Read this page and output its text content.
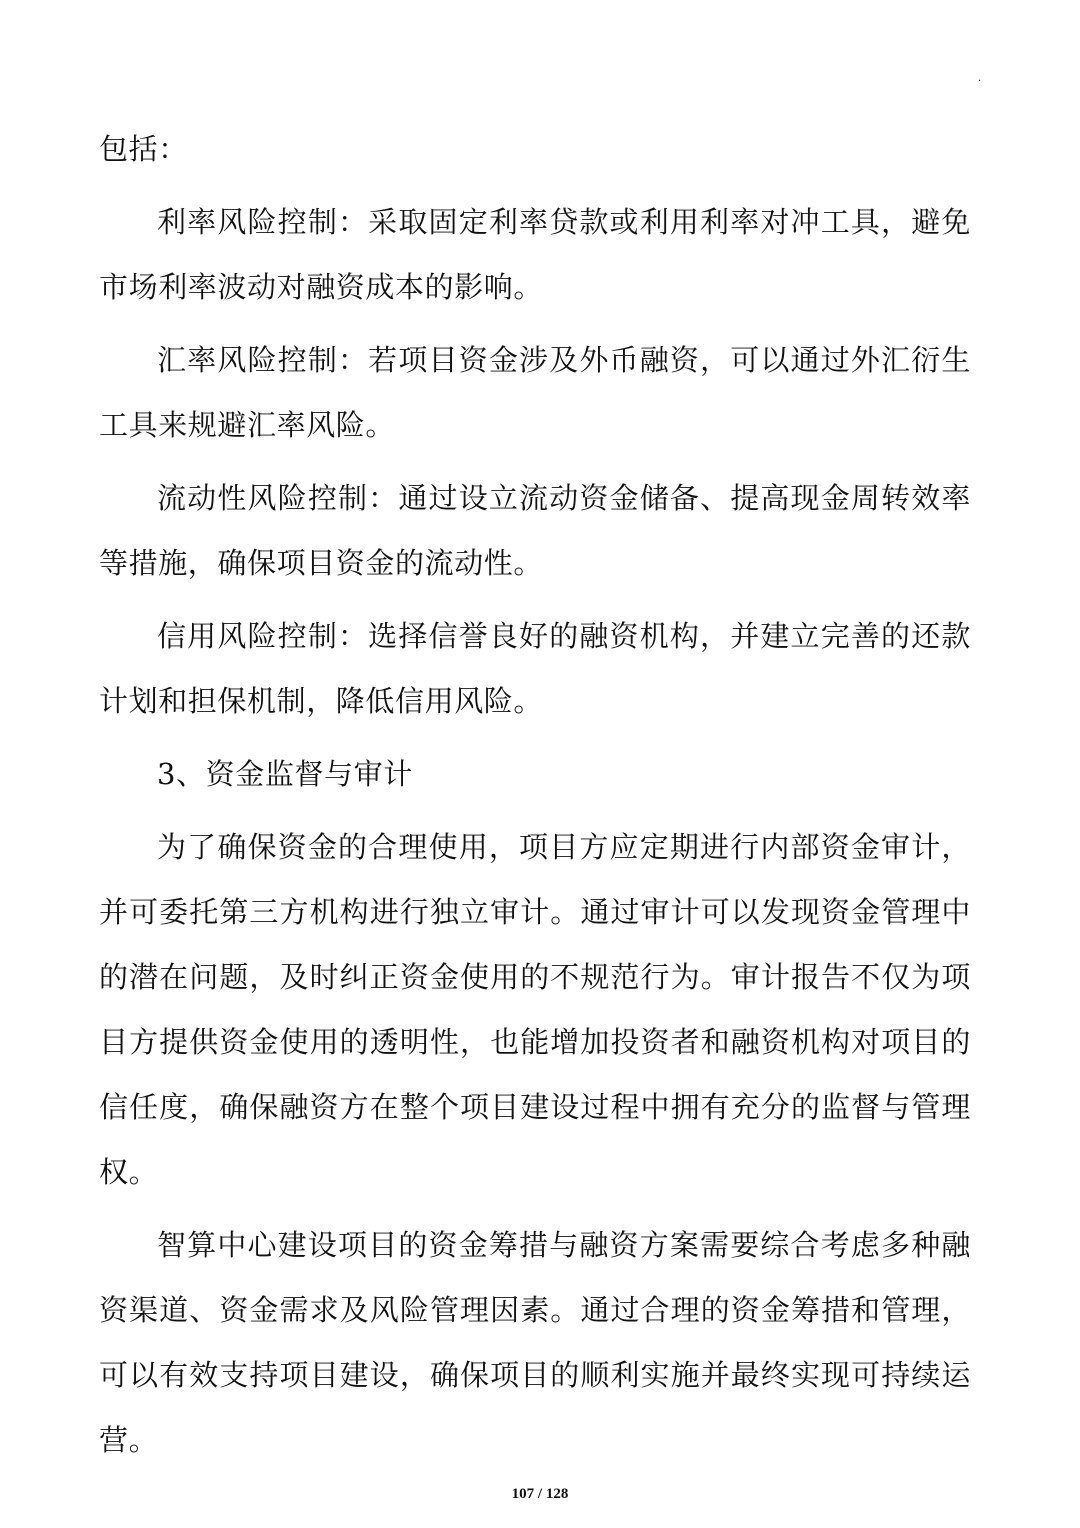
.

包括：

利率风险控制：采取固定利率贷款或利用利率对冲工具，避免市场利率波动对融资成本的影响。

汇率风险控制：若项目资金涉及外币融资，可以通过外汇衍生工具来规避汇率风险。

流动性风险控制：通过设立流动资金储备、提高现金周转效率等措施，确保项目资金的流动性。

信用风险控制：选择信誉良好的融资机构，并建立完善的还款计划和担保机制，降低信用风险。

3、资金监督与审计

为了确保资金的合理使用，项目方应定期进行内部资金审计，并可委托第三方机构进行独立审计。通过审计可以发现资金管理中的潜在问题，及时纠正资金使用的不规范行为。审计报告不仅为项目方提供资金使用的透明性，也能增加投资者和融资机构对项目的信任度，确保融资方在整个项目建设过程中拥有充分的监督与管理权。

智算中心建设项目的资金筹措与融资方案需要综合考虑多种融资渠道、资金需求及风险管理因素。通过合理的资金筹措和管理，可以有效支持项目建设，确保项目的顺利实施并最终实现可持续运营。

107 / 128
